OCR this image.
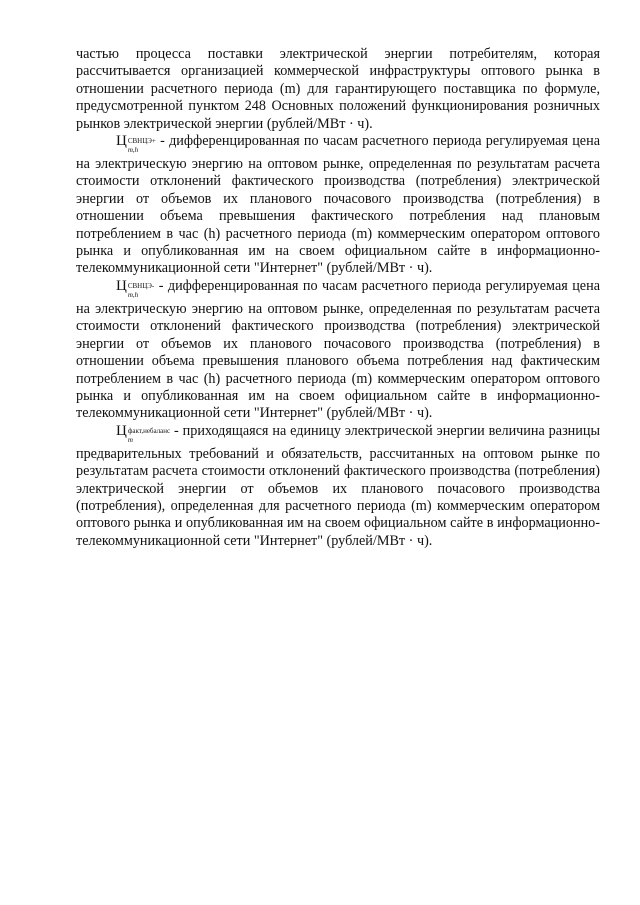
частью процесса поставки электрической энергии потребителям, которая рассчитывается организацией коммерческой инфраструктуры оптового рынка в отношении расчетного периода (m) для гарантирующего поставщика по формуле, предусмотренной пунктом 248 Основных положений функционирования розничных рынков электрической энергии (рублей/МВт · ч).

Ц СВНЦЭ+
m,h
- дифференцированная по часам расчетного периода регулируемая цена на электрическую энергию на оптовом рынке, определенная по результатам расчета стоимости отклонений фактического производства (потребления) электрической энергии от объемов их планового почасового производства (потребления) в отношении объема превышения фактического потребления над плановым потреблением в час (h) расчетного периода (m) коммерческим оператором оптового рынка и опубликованная им на своем официальном сайте в информационно-телекоммуникационной сети "Интернет" (рублей/МВт · ч).

Ц СВНЦЭ-
m,h
- дифференцированная по часам расчетного периода регулируемая цена на электрическую энергию на оптовом рынке, определенная по результатам расчета стоимости отклонений фактического производства (потребления) электрической энергии от объемов их планового почасового производства (потребления) в отношении объема превышения планового объема потребления над фактическим потреблением в час (h) расчетного периода (m) коммерческим оператором оптового рынка и опубликованная им на своем официальном сайте в информационно-телекоммуникационной сети "Интернет" (рублей/МВт · ч).

Ц факт,небаланс
m
- приходящаяся на единицу электрической энергии величина разницы предварительных требований и обязательств, рассчитанных на оптовом рынке по результатам расчета стоимости отклонений фактического производства (потребления) электрической энергии от объемов их планового почасового производства (потребления), определенная для расчетного периода (m) коммерческим оператором оптового рынка и опубликованная им на своем официальном сайте в информационно-телекоммуникационной сети "Интернет" (рублей/МВт · ч).
